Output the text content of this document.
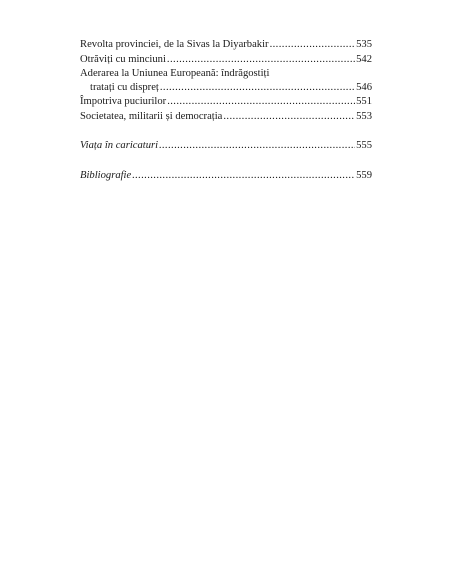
Revolta provinciei, de la Sivas la Diyarbakir .....	535
Otrăviți cu minciuni .....	542
Aderarea la Uniunea Europeană: îndrăgostiți
tratați cu dispreț .....	546
Împotriva puciurilor .....	551
Societatea, militarii și democrația .....	553
Viața în caricaturi .....	555
Bibliografie .....	559
